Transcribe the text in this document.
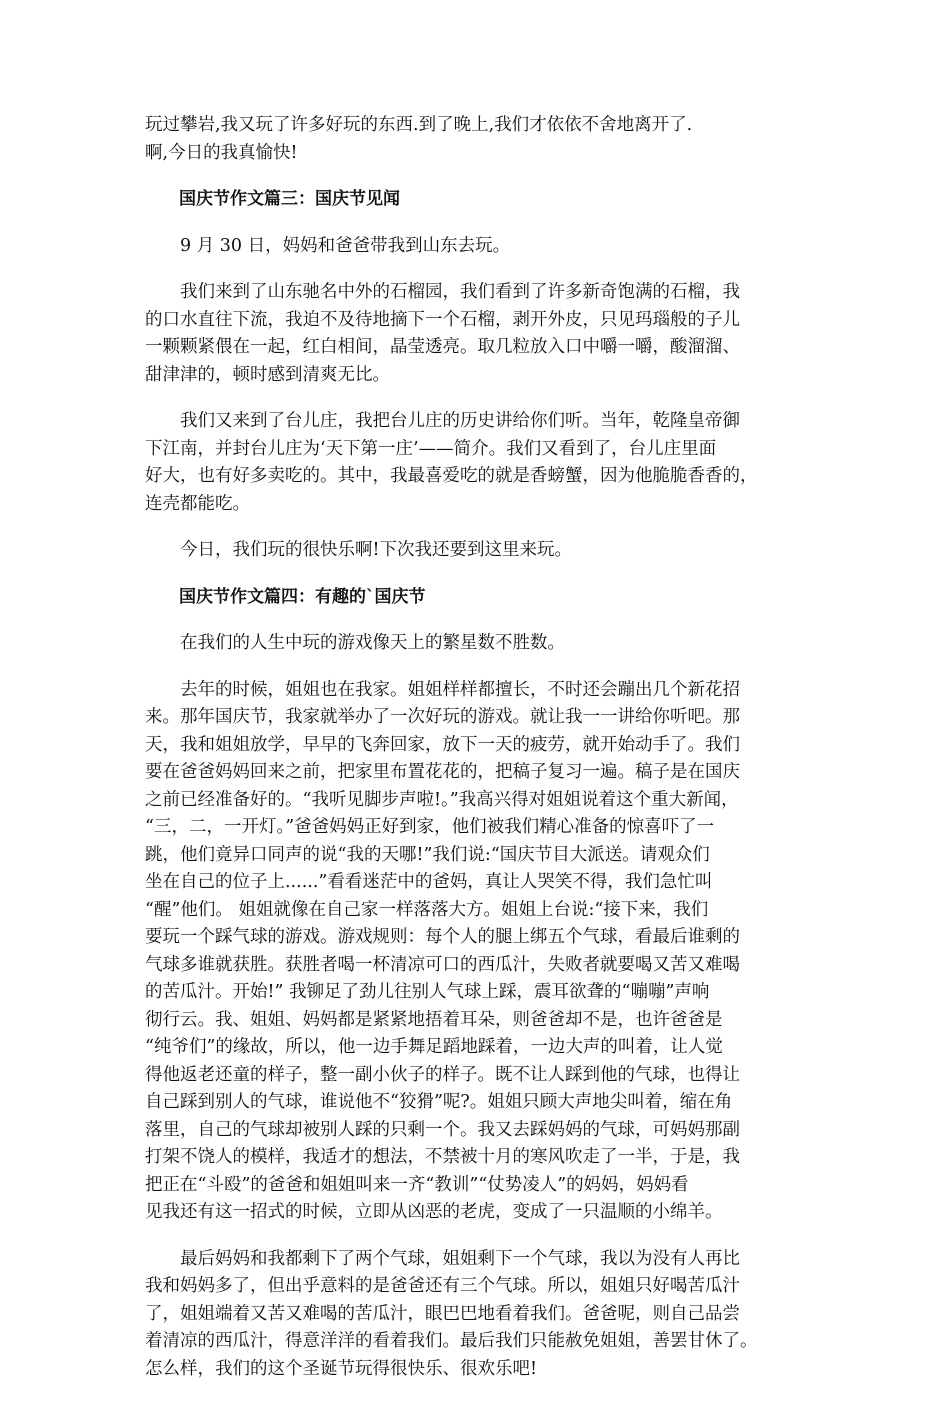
玩过攀岩,我又玩了许多好玩的东西.到了晚上,我们才依依不舍地离开了.
啊,今日的我真愉快!
国庆节作文篇三：国庆节见闻
9 月 30 日，妈妈和爸爸带我到山东去玩。
我们来到了山东驰名中外的石榴园，我们看到了许多新奇饱满的石榴，我
的口水直往下流，我迫不及待地摘下一个石榴，剥开外皮，只见玛瑙般的子儿
一颗颗紧偎在一起，红白相间，晶莹透亮。取几粒放入口中嚼一嚼，酸溜溜、
甜津津的，顿时感到清爽无比。
我们又来到了台儿庄，我把台儿庄的历史讲给你们听。当年，乾隆皇帝御
下江南，并封台儿庄为‘天下第一庄’——简介。我们又看到了，台儿庄里面
好大，也有好多卖吃的。其中，我最喜爱吃的就是香螃蟹，因为他脆脆香香的，
连壳都能吃。
今日，我们玩的很快乐啊!下次我还要到这里来玩。
国庆节作文篇四：有趣的`国庆节
在我们的人生中玩的游戏像天上的繁星数不胜数。
去年的时候，姐姐也在我家。姐姐样样都擅长，不时还会蹦出几个新花招
来。那年国庆节，我家就举办了一次好玩的游戏。就让我一一讲给你听吧。那
天，我和姐姐放学，早早的飞奔回家，放下一天的疲劳，就开始动手了。我们
要在爸爸妈妈回来之前，把家里布置花花的，把稿子复习一遍。稿子是在国庆
之前已经准备好的。“我听见脚步声啦!。”我高兴得对姐姐说着这个重大新闻，
“三，二，一开灯。”爸爸妈妈正好到家，他们被我们精心准备的惊喜吓了一
跳，他们竟异口同声的说“我的天哪!”我们说:“国庆节目大派送。请观众们
坐在自己的位子上......”看看迷茫中的爸妈，真让人哭笑不得，我们急忙叫
“醒”他们。 姐姐就像在自己家一样落落大方。姐姐上台说:“接下来，我们
要玩一个踩气球的游戏。游戏规则：每个人的腿上绑五个气球，看最后谁剩的
气球多谁就获胜。获胜者喝一杯清凉可口的西瓜汁，失败者就要喝又苦又难喝
的苦瓜汁。开始!” 我铆足了劲儿往别人气球上踩，震耳欲聋的“嘣嘣”声响
彻行云。我、姐姐、妈妈都是紧紧地捂着耳朵，则爸爸却不是，也许爸爸是
“纯爷们”的缘故，所以，他一边手舞足蹈地踩着，一边大声的叫着，让人觉
得他返老还童的样子，整一副小伙子的样子。既不让人踩到他的气球，也得让
自己踩到别人的气球，谁说他不“狡猾”呢?。姐姐只顾大声地尖叫着，缩在角
落里，自己的气球却被别人踩的只剩一个。我又去踩妈妈的气球，可妈妈那副
打架不饶人的模样，我适才的想法，不禁被十月的寒风吹走了一半，于是，我
把正在“斗殴”的爸爸和姐姐叫来一齐“教训”“仗势凌人”的妈妈，妈妈看
见我还有这一招式的时候，立即从凶恶的老虎，变成了一只温顺的小绵羊。
最后妈妈和我都剩下了两个气球，姐姐剩下一个气球，我以为没有人再比
我和妈妈多了，但出乎意料的是爸爸还有三个气球。所以，姐姐只好喝苦瓜汁
了，姐姐端着又苦又难喝的苦瓜汁，眼巴巴地看着我们。爸爸呢，则自己品尝
着清凉的西瓜汁，得意洋洋的看着我们。最后我们只能赦免姐姐，善罢甘休了。
怎么样，我们的这个圣诞节玩得很快乐、很欢乐吧!
